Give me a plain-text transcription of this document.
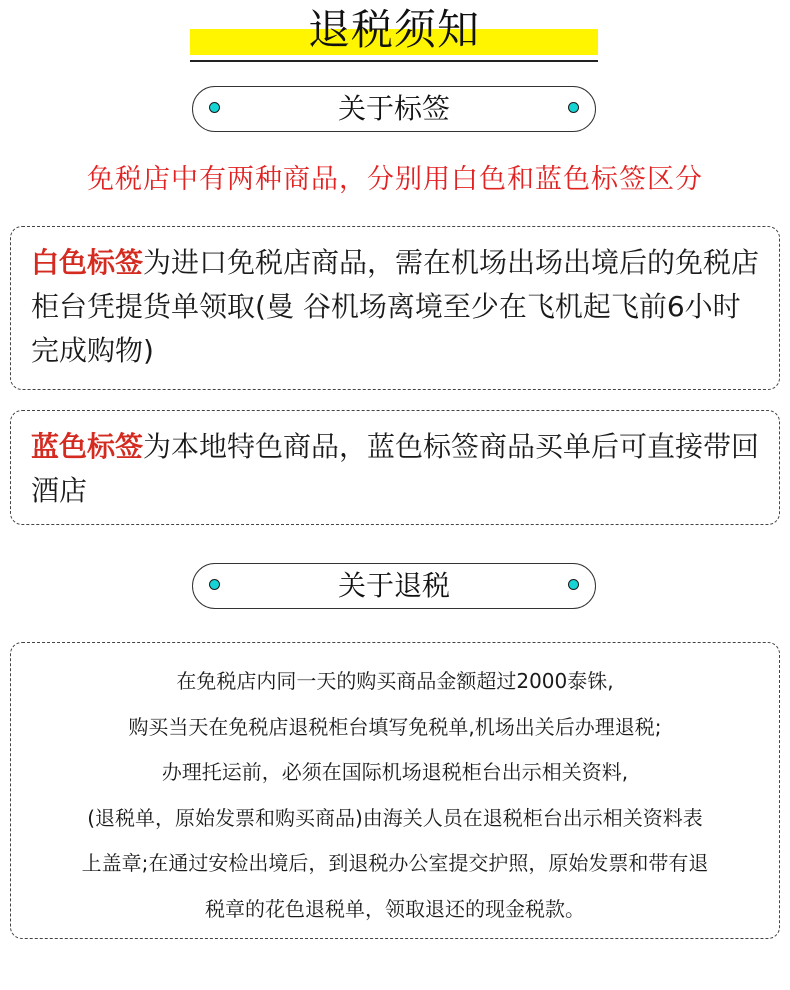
退税须知
关于标签
免税店中有两种商品，分别用白色和蓝色标签区分

白色标签为进口免税店商品，需在机场出场出境后的免税店柜台凭提货单领取(曼 谷机场离境至少在飞机起飞前6小时完成购物)

蓝色标签为本地特色商品，蓝色标签商品买单后可直接带回酒店

关于退税

在免税店内同一天的购买商品金额超过2000泰铢,

购买当天在免税店退税柜台填写免税单,机场出关后办理退税;

办理托运前，必须在国际机场退税柜台出示相关资料,

(退税单，原始发票和购买商品)由海关人员在退税柜台出示相关资料表

上盖章;在通过安检出境后，到退税办公室提交护照，原始发票和带有退

税章的花色退税单，领取退还的现金税款。
